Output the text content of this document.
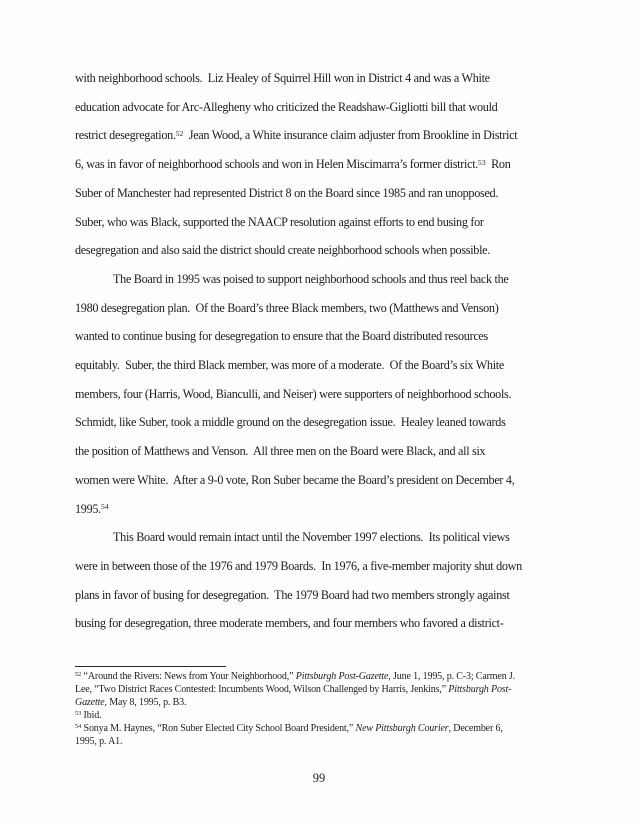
with neighborhood schools.  Liz Healey of Squirrel Hill won in District 4 and was a White
education advocate for Arc-Allegheny who criticized the Readshaw-Gigliotti bill that would
restrict desegregation.$^{52}$  Jean Wood, a White insurance claim adjuster from Brookline in District
6, was in favor of neighborhood schools and won in Helen Miscimarra’s former district.$^{53}$  Ron
Suber of Manchester had represented District 8 on the Board since 1985 and ran unopposed.
Suber, who was Black, supported the NAACP resolution against efforts to end busing for
desegregation and also said the district should create neighborhood schools when possible.
The Board in 1995 was poised to support neighborhood schools and thus reel back the
1980 desegregation plan.  Of the Board’s three Black members, two (Matthews and Venson)
wanted to continue busing for desegregation to ensure that the Board distributed resources
equitably.  Suber, the third Black member, was more of a moderate.  Of the Board’s six White
members, four (Harris, Wood, Bianculli, and Neiser) were supporters of neighborhood schools.
Schmidt, like Suber, took a middle ground on the desegregation issue.  Healey leaned towards
the position of Matthews and Venson.  All three men on the Board were Black, and all six
women were White.  After a 9-0 vote, Ron Suber became the Board’s president on December 4,
1995.54
This Board would remain intact until the November 1997 elections.  Its political views
were in between those of the 1976 and 1979 Boards.  In 1976, a five-member majority shut down
plans in favor of busing for desegregation.  The 1979 Board had two members strongly against
busing for desegregation, three moderate members, and four members who favored a district-
$^{52}$ “Around the Rivers: News from Your Neighborhood,” Pittsburgh Post-Gazette, June 1, 1995, p. C-3; Carmen J.
Lee, “Two District Races Contested: Incumbents Wood, Wilson Challenged by Harris, Jenkins,” Pittsburgh Post-
Gazette, May 8, 1995, p. B3.
$^{53}$ Ibid.
$^{54}$ Sonya M. Haynes, “Ron Suber Elected City School Board President,” New Pittsburgh Courier, December 6,
1995, p. A1.
99
